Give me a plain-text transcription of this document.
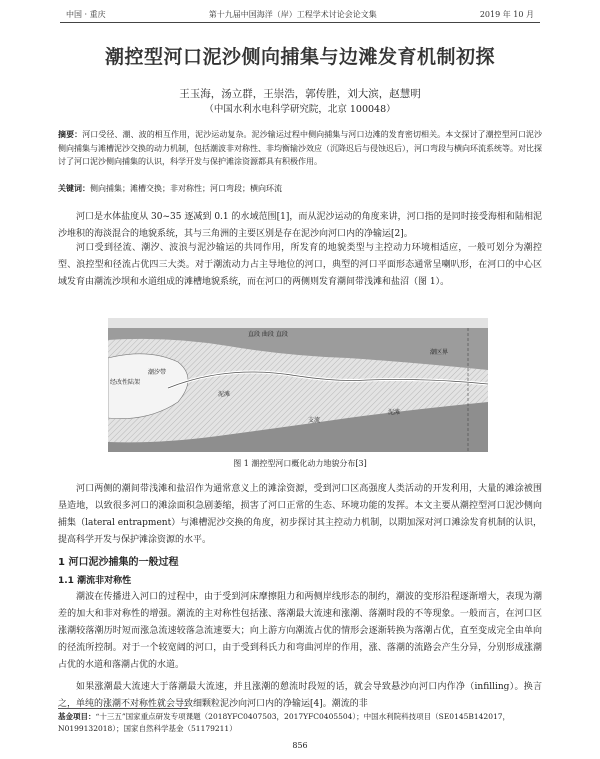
中国 · 重庆	第十九届中国海洋（岸）工程学术讨论会论文集	2019 年 10 月
潮控型河口泥沙侧向捕集与边滩发育机制初探
王玉海，汤立群，王崇浩，郭传胜，刘大滨，赵慧明
（中国水利水电科学研究院，北京 100048）
摘要：河口受径、潮、波的相互作用，泥沙运动复杂。泥沙输运过程中侧向捕集与河口边滩的发育密切相关。本文探讨了潮控型河口泥沙侧向捕集与滩槽泥沙交换的动力机制，包括潮波非对称性、非均衡输沙效应（沉降迟后与侵蚀迟后），河口弯段与横向环流系统等。对比探讨了河口泥沙侧向捕集的认识，科学开发与保护滩涂资源都具有积极作用。
关键词：侧向捕集；滩槽交换；非对称性；河口弯段；横向环流
河口是水体盐度从 30~35 逐减到 0.1 的水域范围[1]，而从泥沙运动的角度来讲，河口指的是同时接受海相和陆相泥沙堆积的海淡混合的地貌系统，其与三角洲的主要区别是存在泥沙向河口内的净输运[2]。
河口受到径流、潮汐、波浪与泥沙输运的共同作用，所发育的地貌类型与主控动力环境相适应，一般可划分为潮控型、浪控型和径流占优四三大类。对于潮流动力占主导地位的河口，典型的河口平面形态通常呈喇叭形，在河口的中心区域发育由潮流沙坝和水道组成的滩槽地貌系统，而在河口的两侧则发育潮间带浅滩和盐沼（图 1）。
直段 曲段 直段
潮汐带
泥滩
经改性陆架
潮区界
支流
泥滩
图 1 潮控型河口概化动力地貌分布[3]
河口两侧的潮间带浅滩和盐沼作为通常意义上的滩涂资源，受到河口区高强度人类活动的开发利用，大量的滩涂被围垦造地，以致很多河口的滩涂面积急剧萎缩，损害了河口正常的生态、环境功能的发挥。本文主要从潮控型河口泥沙侧向捕集（lateral entrapment）与滩槽泥沙交换的角度，初步探讨其主控动力机制，以期加深对河口滩涂发育机制的认识，提高科学开发与保护滩涂资源的水平。
1 河口泥沙捕集的一般过程
1.1 潮流非对称性
潮波在传播进入河口的过程中，由于受到河床摩擦阻力和两侧岸线形态的制约，潮波的变形沿程逐渐增大，表现为潮差的加大和非对称性的增强。潮流的主对称性包括涨、落潮最大流速和涨潮、落潮时段的不等现象。一般而言，在河口区涨潮较落潮历时短而涨急流速较落急流速要大；向上游方向潮流占优的情形会逐渐转换为落潮占优，直至变成完全由单向的径流所控制。对于一个较宽阔的河口，由于受到科氏力和弯曲河岸的作用，涨、落潮的流路会产生分异，分别形成涨潮占优的水道和落潮占优的水道。
如果涨潮最大流速大于落潮最大流速，并且涨潮的憩流时段短的话，就会导致悬沙向河口内作净（infilling）。换言之，单纯的涨潮不对称性就会导致细颗粒泥沙向河口内的净输运[4]。潮流的非
基金项目：“十三五”国家重点研发专项课题（2018YFC0407503，2017YFC0405504）；中国水利院科技项目（SE0145B142017，N0199132018）；国家自然科学基金（51179211）
856
